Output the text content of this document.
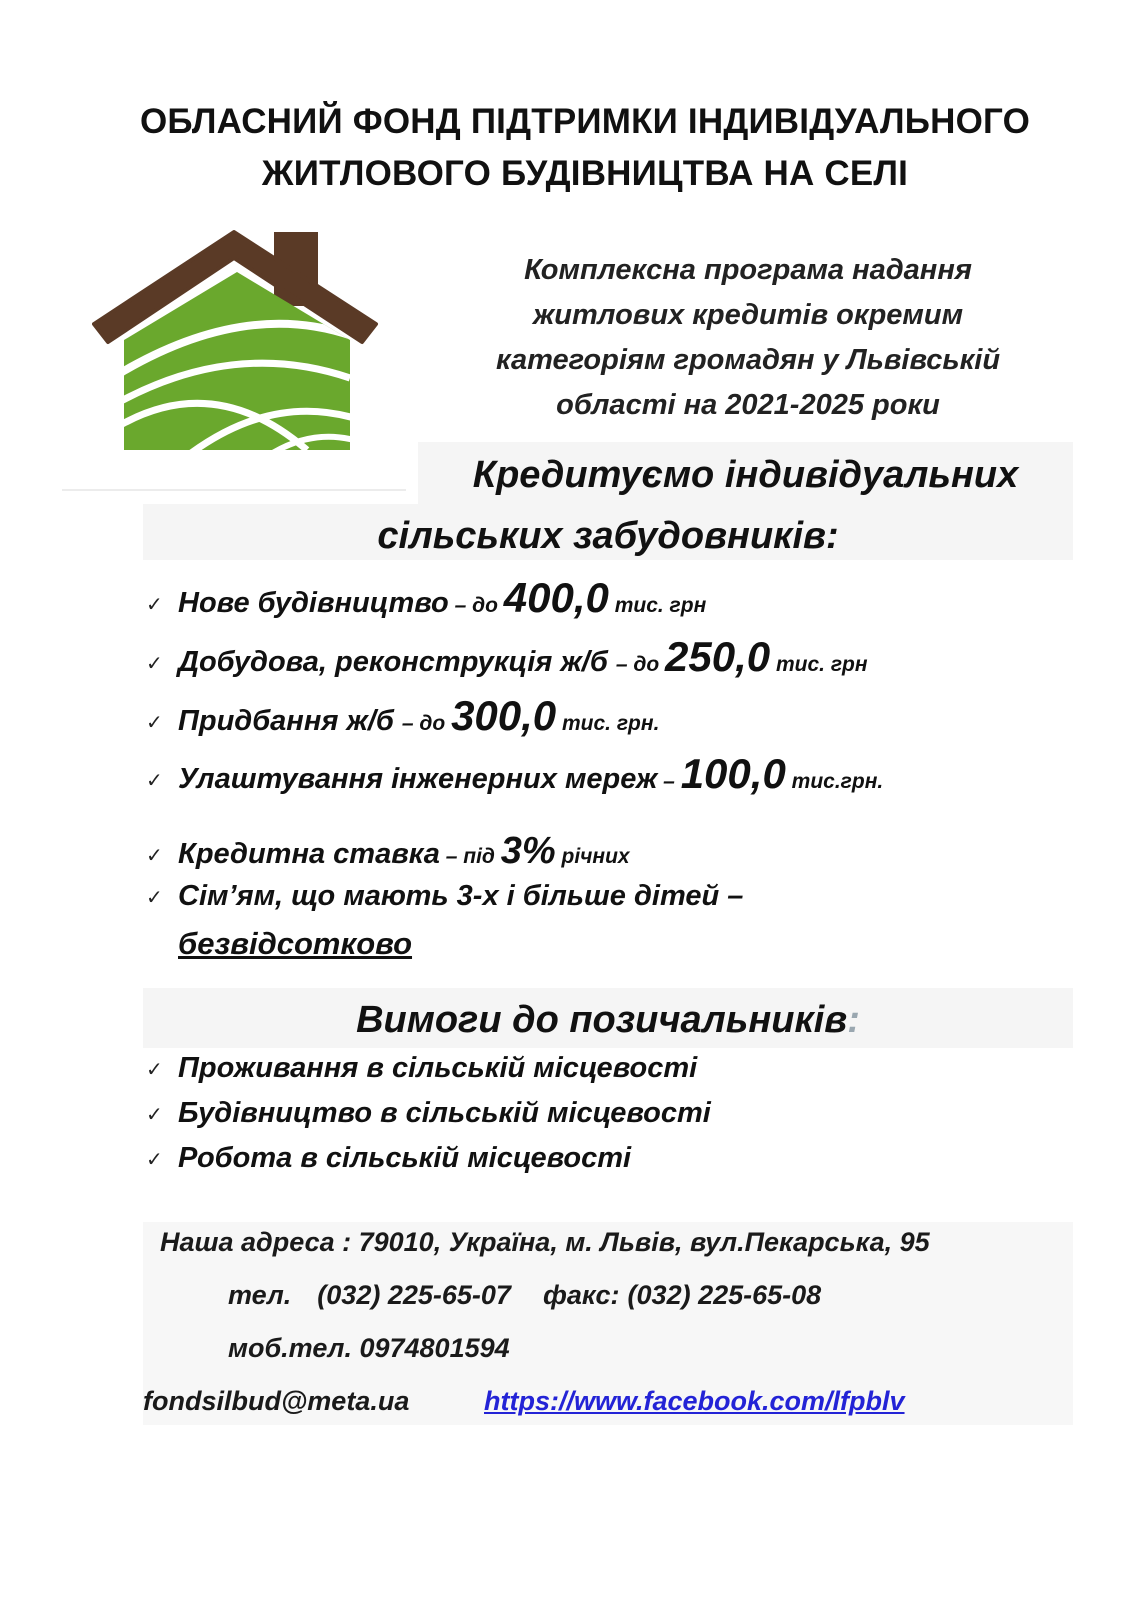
ОБЛАСНИЙ ФОНД ПІДТРИМКИ ІНДИВІДУАЛЬНОГО
ЖИТЛОВОГО БУДІВНИЦТВА НА СЕЛІ
Комплексна програма надання
житлових кредитів окремим
категоріям громадян у Львівській
області на 2021-2025 роки
Кредитуємо індивідуальних
сільських забудовників:
✓ Нове будівництво – до 400,0 тис. грн
✓ Добудова, реконструкція ж/б – до 250,0 тис. грн
✓ Придбання ж/б – до 300,0 тис. грн.
✓ Улаштування інженерних мереж – 100,0 тис.грн.
✓ Кредитна ставка – під 3% річних
✓ Сім’ям, що мають 3-х і більше дітей –
безвідсотково
Вимоги до позичальників:
✓ Проживання в сільській місцевості
✓ Будівництво в сільській місцевості
✓ Робота в сільській місцевості
Наша адреса : 79010, Україна, м. Львів, вул.Пекарська, 95
тел. (032) 225-65-07 факс: (032) 225-65-08
моб.тел. 0974801594
fondsilbud@meta.ua	https://www.facebook.com/lfpblv
